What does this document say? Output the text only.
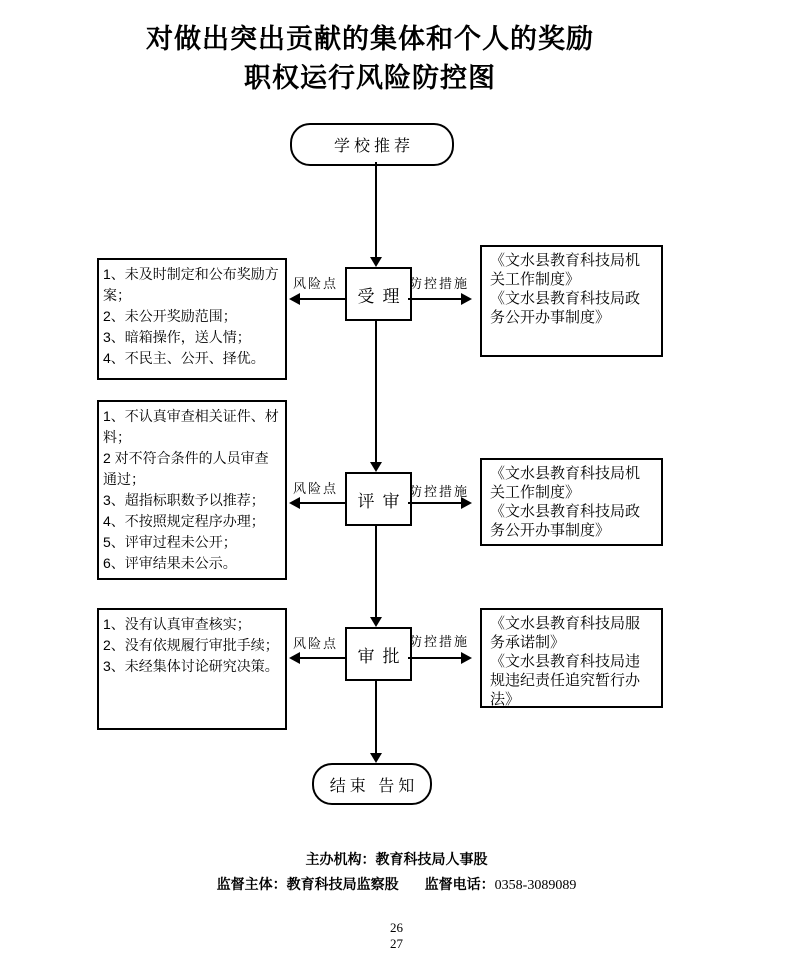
对做出突出贡献的集体和个人的奖励
职权运行风险防控图
学校推荐
受理
风险点	防控措施
1、未及时制定和公布奖励方案；
2、未公开奖励范围；
3、暗箱操作，送人情；
4、不民主、公开、择优。
《文水县教育科技局机关工作制度》
《文水县教育科技局政务公开办事制度》
评审
风险点	防控措施
1、不认真审查相关证件、材料；
2 对不符合条件的人员审查通过；
3、超指标职数予以推荐；
4、不按照规定程序办理；
5、评审过程未公开；
6、评审结果未公示。
《文水县教育科技局机关工作制度》
《文水县教育科技局政务公开办事制度》
审批
风险点	防控措施
1、没有认真审查核实；
2、没有依规履行审批手续；
3、未经集体讨论研究决策。
《文水县教育科技局服务承诺制》
《文水县教育科技局违规违纪责任追究暂行办法》
结束 告知
主办机构：教育科技局人事股
监督主体：教育科技局监察股 监督电话：0358-3089089
26
27
